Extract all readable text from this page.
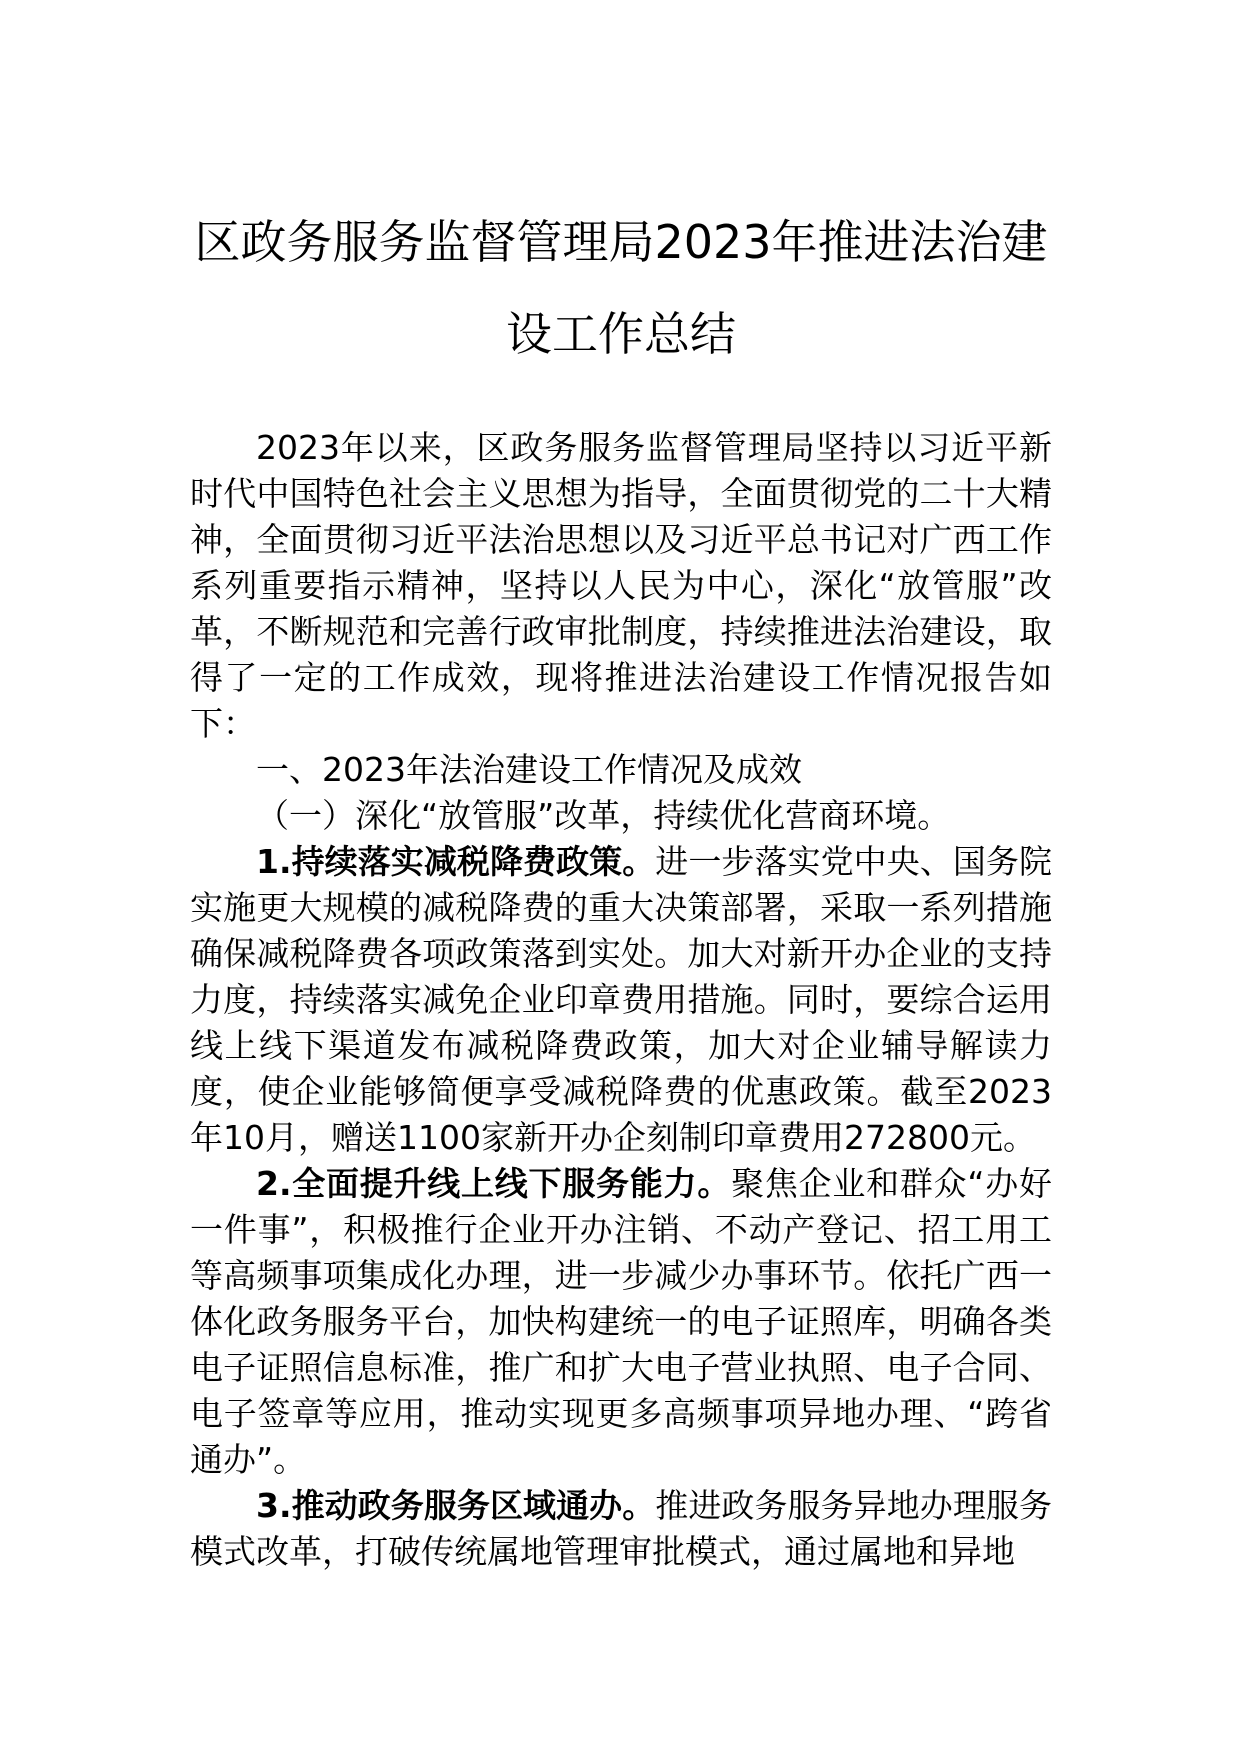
区政务服务监督管理局2023年推进法治建
设工作总结

2023年以来，区政务服务监督管理局坚持以习近平新时代中国特色社会主义思想为指导，全面贯彻党的二十大精神，全面贯彻习近平法治思想以及习近平总书记对广西工作系列重要指示精神，坚持以人民为中心，深化“放管服”改革，不断规范和完善行政审批制度，持续推进法治建设，取得了一定的工作成效，现将推进法治建设工作情况报告如下：

一、2023年法治建设工作情况及成效

（一）深化“放管服”改革，持续优化营商环境。

1.持续落实减税降费政策。进一步落实党中央、国务院实施更大规模的减税降费的重大决策部署，采取一系列措施确保减税降费各项政策落到实处。加大对新开办企业的支持力度，持续落实减免企业印章费用措施。同时，要综合运用线上线下渠道发布减税降费政策，加大对企业辅导解读力度，使企业能够简便享受减税降费的优惠政策。截至2023年10月，赠送1100家新开办企刻制印章费用272800元。

2.全面提升线上线下服务能力。聚焦企业和群众“办好一件事”，积极推行企业开办注销、不动产登记、招工用工等高频事项集成化办理，进一步减少办事环节。依托广西一体化政务服务平台，加快构建统一的电子证照库，明确各类电子证照信息标准，推广和扩大电子营业执照、电子合同、电子签章等应用，推动实现更多高频事项异地办理、“跨省通办”。

3.推动政务服务区域通办。推进政务服务异地办理服务模式改革，打破传统属地管理审批模式，通过属地和异地
